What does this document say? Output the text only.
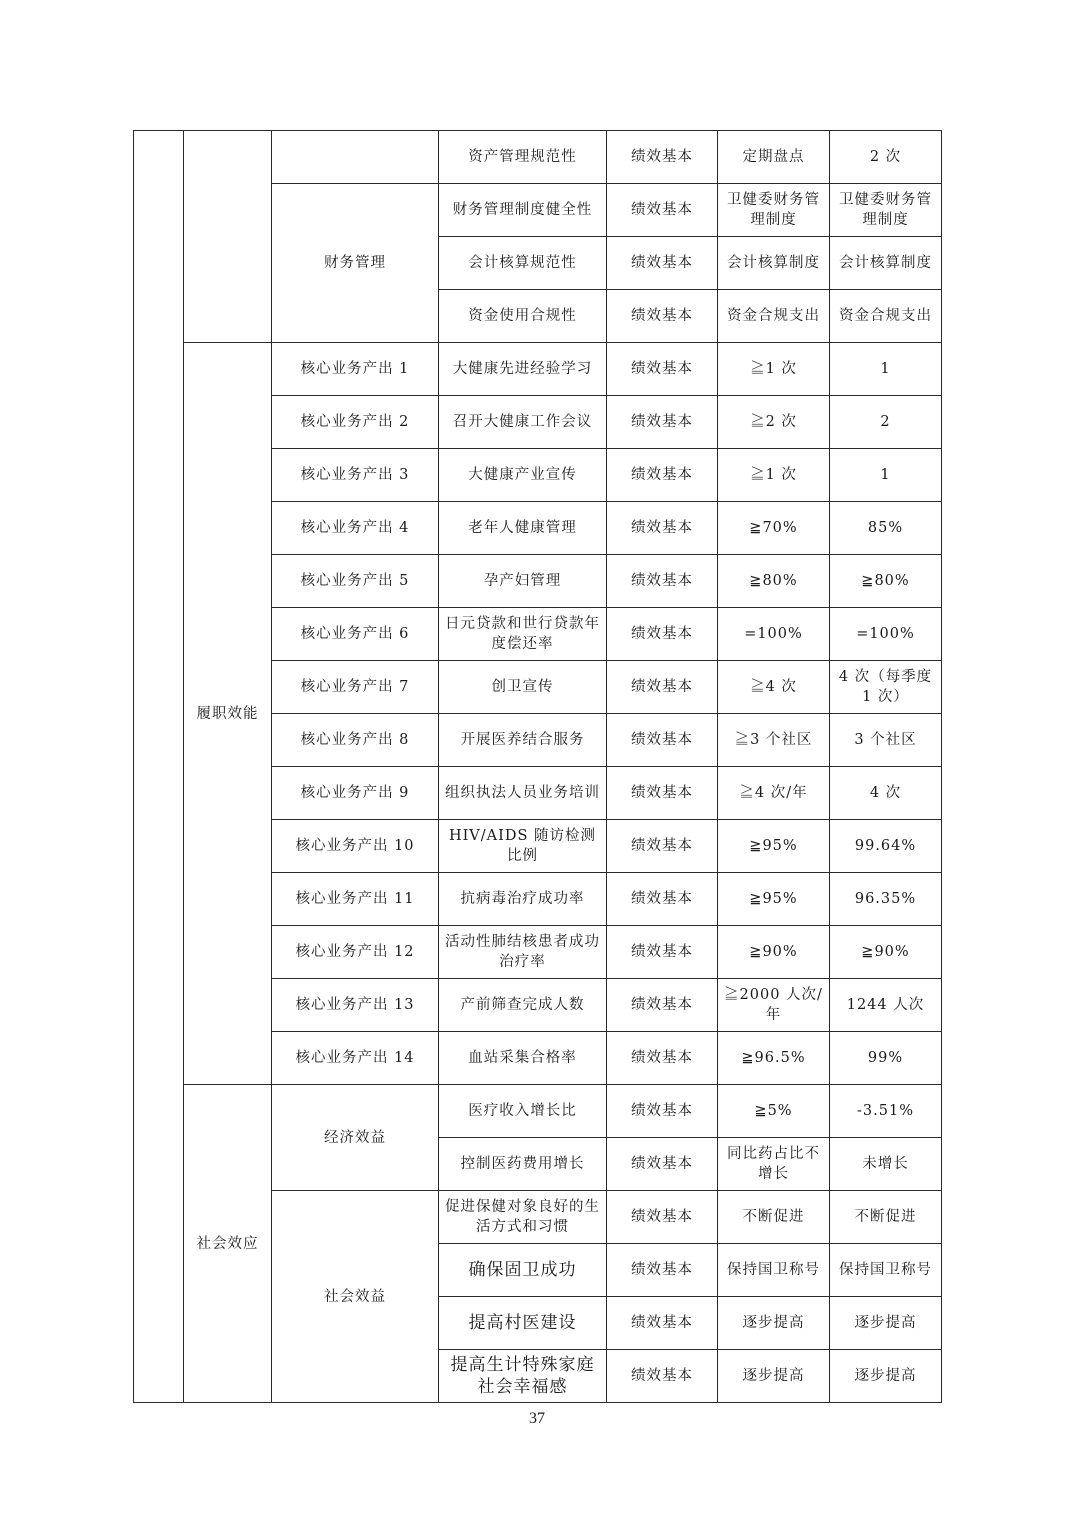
			资产管理规范性	绩效基本	定期盘点	2 次
		财务管理	财务管理制度健全性	绩效基本	卫健委财务管理制度	卫健委财务管理制度
			会计核算规范性	绩效基本	会计核算制度	会计核算制度
			资金使用合规性	绩效基本	资金合规支出	资金合规支出
	履职效能	核心业务产出 1	大健康先进经验学习	绩效基本	≧1 次	1
		核心业务产出 2	召开大健康工作会议	绩效基本	≧2 次	2
		核心业务产出 3	大健康产业宣传	绩效基本	≧1 次	1
		核心业务产出 4	老年人健康管理	绩效基本	≧70%	85%
		核心业务产出 5	孕产妇管理	绩效基本	≧80%	≧80%
		核心业务产出 6	日元贷款和世行贷款年度偿还率	绩效基本	=100%	=100%
		核心业务产出 7	创卫宣传	绩效基本	≧4 次	4 次（每季度 1 次）
		核心业务产出 8	开展医养结合服务	绩效基本	≧3 个社区	3 个社区
		核心业务产出 9	组织执法人员业务培训	绩效基本	≧4 次/年	4 次
		核心业务产出 10	HIV/AIDS 随访检测比例	绩效基本	≧95%	99.64%
		核心业务产出 11	抗病毒治疗成功率	绩效基本	≧95%	96.35%
		核心业务产出 12	活动性肺结核患者成功治疗率	绩效基本	≧90%	≧90%
		核心业务产出 13	产前筛查完成人数	绩效基本	≧2000 人次/年	1244 人次
		核心业务产出 14	血站采集合格率	绩效基本	≧96.5%	99%
	社会效应	经济效益	医疗收入增长比	绩效基本	≧5%	-3.51%
			控制医药费用增长	绩效基本	同比药占比不增长	未增长
		社会效益	促进保健对象良好的生活方式和习惯	绩效基本	不断促进	不断促进
			确保固卫成功	绩效基本	保持国卫称号	保持国卫称号
			提高村医建设	绩效基本	逐步提高	逐步提高
			提高生计特殊家庭社会幸福感	绩效基本	逐步提高	逐步提高
37
